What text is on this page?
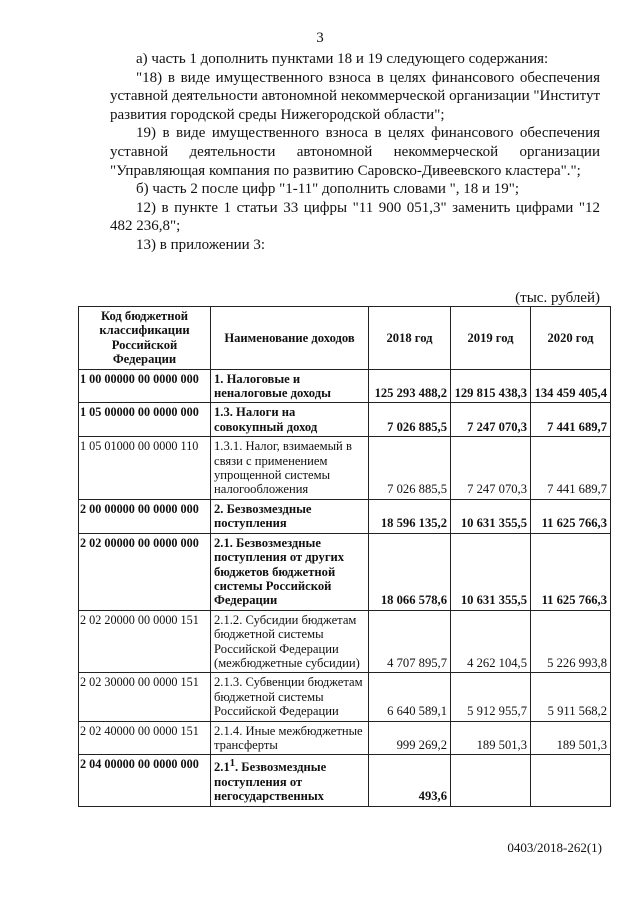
3

а) часть 1 дополнить пунктами 18 и 19 следующего содержания:

"18) в виде имущественного взноса в целях финансового обеспечения уставной деятельности автономной некоммерческой организации "Институт развития городской среды Нижегородской области";

19) в виде имущественного взноса в целях финансового обеспечения уставной деятельности автономной некоммерческой организации "Управляющая компания по развитию Саровско-Дивеевского кластера".";

б) часть 2 после цифр "1-11" дополнить словами ", 18 и 19";

12) в пункте 1 статьи 33 цифры "11 900 051,3" заменить цифрами "12 482 236,8";

13) в приложении 3:

(тыс. рублей)
Код бюджетной классификации Российской Федерации	Наименование доходов	2018 год	2019 год	2020 год
1 00 00000 00 0000 000	1. Налоговые и неналоговые доходы	125 293 488,2	129 815 438,3	134 459 405,4
1 05 00000 00 0000 000	1.3. Налоги на совокупный доход	7 026 885,5	7 247 070,3	7 441 689,7
1 05 01000 00 0000 110	1.3.1. Налог, взимаемый в связи с применением упрощенной системы налогообложения	7 026 885,5	7 247 070,3	7 441 689,7
2 00 00000 00 0000 000	2. Безвозмездные поступления	18 596 135,2	10 631 355,5	11 625 766,3
2 02 00000 00 0000 000	2.1. Безвозмездные поступления от других бюджетов бюджетной системы Российской Федерации	18 066 578,6	10 631 355,5	11 625 766,3
2 02 20000 00 0000 151	2.1.2. Субсидии бюджетам бюджетной системы Российской Федерации (межбюджетные субсидии)	4 707 895,7	4 262 104,5	5 226 993,8
2 02 30000 00 0000 151	2.1.3. Субвенции бюджетам бюджетной системы Российской Федерации	6 640 589,1	5 912 955,7	5 911 568,2
2 02 40000 00 0000 151	2.1.4. Иные межбюджетные трансферты	999 269,2	189 501,3	189 501,3
2 04 00000 00 0000 000	$2.1^1$. Безвозмездные поступления от негосударственных	493,6		
0403/2018-262(1)
